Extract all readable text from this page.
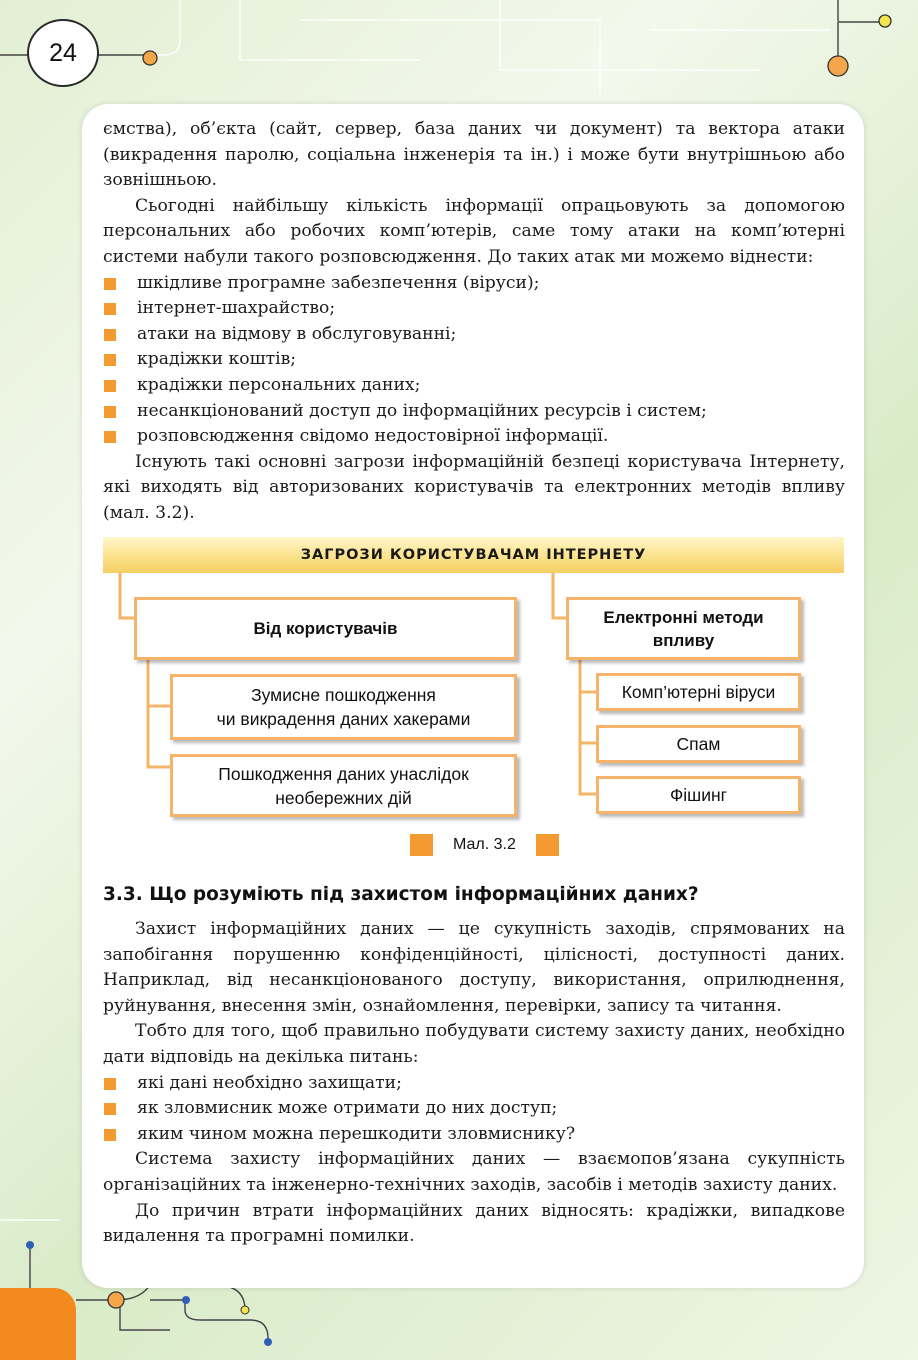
24

ємства), об’єкта (сайт, сервер, база даних чи документ) та вектора атаки (викрадення паролю, соціальна інженерія та ін.) і може бути внутрішньою або зовнішньою.

Сьогодні найбільшу кількість інформації опрацьовують за допомогою персональних або робочих комп’ютерів, саме тому атаки на комп’ютерні системи набули такого розповсюдження. До таких атак ми можемо віднести:

шкідливе програмне забезпечення (віруси);

інтернет-шахрайство;

атаки на відмову в обслуговуванні;

крадіжки коштів;

крадіжки персональних даних;

несанкціонований доступ до інформаційних ресурсів і систем;

розповсюдження свідомо недостовірної інформації.

Існують такі основні загрози інформаційній безпеці користувача Інтернету, які виходять від авторизованих користувачів та електронних методів впливу (мал. 3.2).

ЗАГРОЗИ КОРИСТУВАЧАМ ІНТЕРНЕТУ
Від користувачів
Електронні методи
впливу
Зумисне пошкодження
чи викрадення даних хакерами
Пошкодження даних унаслідок
необережних дій
Комп’ютерні віруси
Спам
Фішинг
Мал. 3.2
3.3. Що розуміють під захистом інформаційних даних?

Захист інформаційних даних — це сукупність заходів, спрямованих на запобігання порушенню конфіденційності, цілісності, доступності даних. Наприклад, від несанкціонованого доступу, використання, оприлюднення, руйнування, внесення змін, ознайомлення, перевірки, запису та читання.

Тобто для того, щоб правильно побудувати систему захисту даних, необхідно дати відповідь на декілька питань:

які дані необхідно захищати;

як зловмисник може отримати до них доступ;

яким чином можна перешкодити зловмиснику?

Система захисту інформаційних даних — взаємопов’язана сукупність організаційних та інженерно-технічних заходів, засобів і методів захисту даних.

До причин втрати інформаційних даних відносять: крадіжки, випадкове видалення та програмні помилки.
